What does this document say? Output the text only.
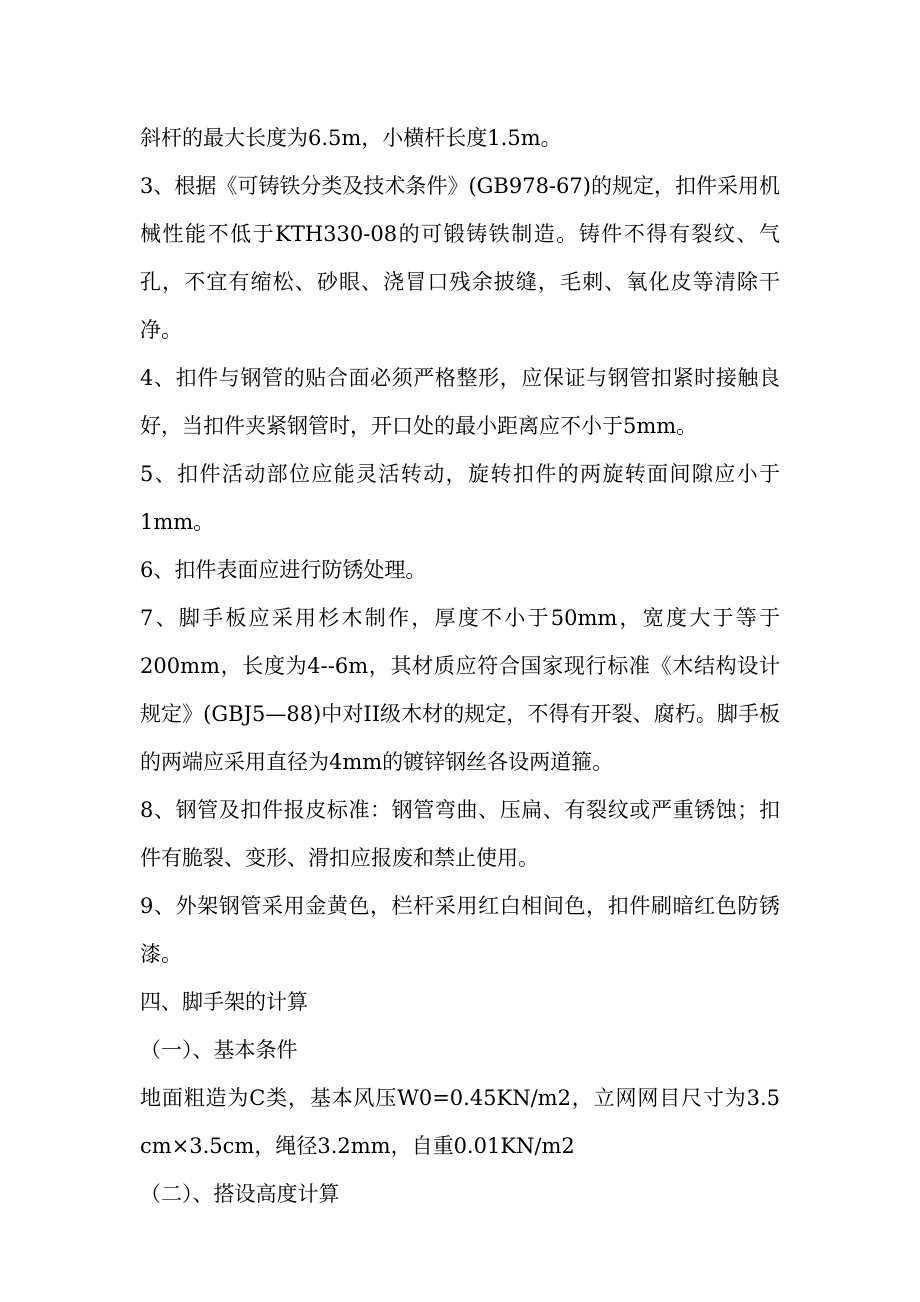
斜杆的最大长度为6.5m，小横杆长度1.5m。

3、根据《可铸铁分类及技术条件》(GB978-67)的规定，扣件采用机械性能不低于KTH330-08的可锻铸铁制造。铸件不得有裂纹、气孔，不宜有缩松、砂眼、浇冒口残余披缝，毛刺、氧化皮等清除干净。

4、扣件与钢管的贴合面必须严格整形，应保证与钢管扣紧时接触良好，当扣件夹紧钢管时，开口处的最小距离应不小于5mm。

5、扣件活动部位应能灵活转动，旋转扣件的两旋转面间隙应小于1mm。

6、扣件表面应进行防锈处理。

7、脚手板应采用杉木制作，厚度不小于50mm，宽度大于等于200mm，长度为4--6m，其材质应符合国家现行标准《木结构设计规定》(GBJ5—88)中对II级木材的规定，不得有开裂、腐朽。脚手板的两端应采用直径为4mm的镀锌钢丝各设两道箍。

8、钢管及扣件报皮标准：钢管弯曲、压扁、有裂纹或严重锈蚀；扣件有脆裂、变形、滑扣应报废和禁止使用。

9、外架钢管采用金黄色，栏杆采用红白相间色，扣件刷暗红色防锈漆。

四、脚手架的计算

（一）、基本条件

地面粗造为C类，基本风压W0=0.45KN/m2，立网网目尺寸为3.5 cm×3.5cm，绳径3.2mm，自重0.01KN/m2

（二）、搭设高度计算
